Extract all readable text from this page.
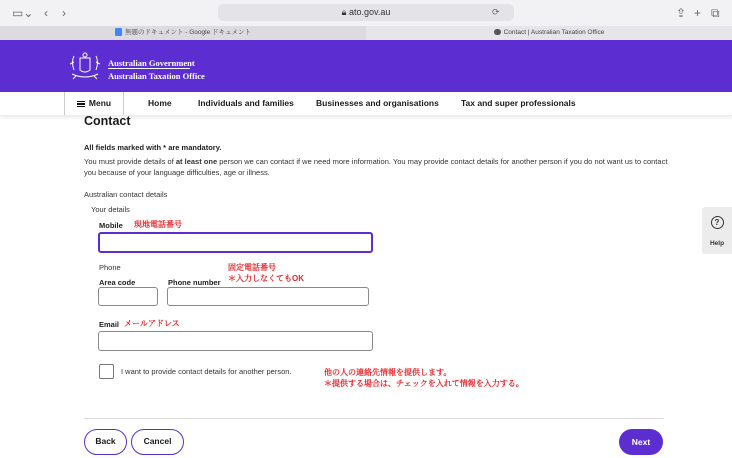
▭⌄ ‹ ›	🔒︎ ato.gov.au	⟳	⇪ + ⧉
無題のドキュメント - Google ドキュメント	Contact | Australian Taxation Office
Australian Government
Australian Taxation Office
Menu	Home	Individuals and families	Businesses and organisations	Tax and super professionals
Contact
All fields marked with * are mandatory.
You must provide details of at least one person we can contact if we need more information. You may provide contact details for another person if you do not want us to contact you because of your language difficulties, age or illness.
Australian contact details
Your details
Mobile 現地電話番号
Phone	固定電話番号
＊入力しなくてもOK
Area code	Phone number
Email メールアドレス
I want to provide contact details for another person.	他の人の連絡先情報を提供します。
＊提供する場合は、チェックを入れて情報を入力する。
Back	Cancel	Next
?
Help
